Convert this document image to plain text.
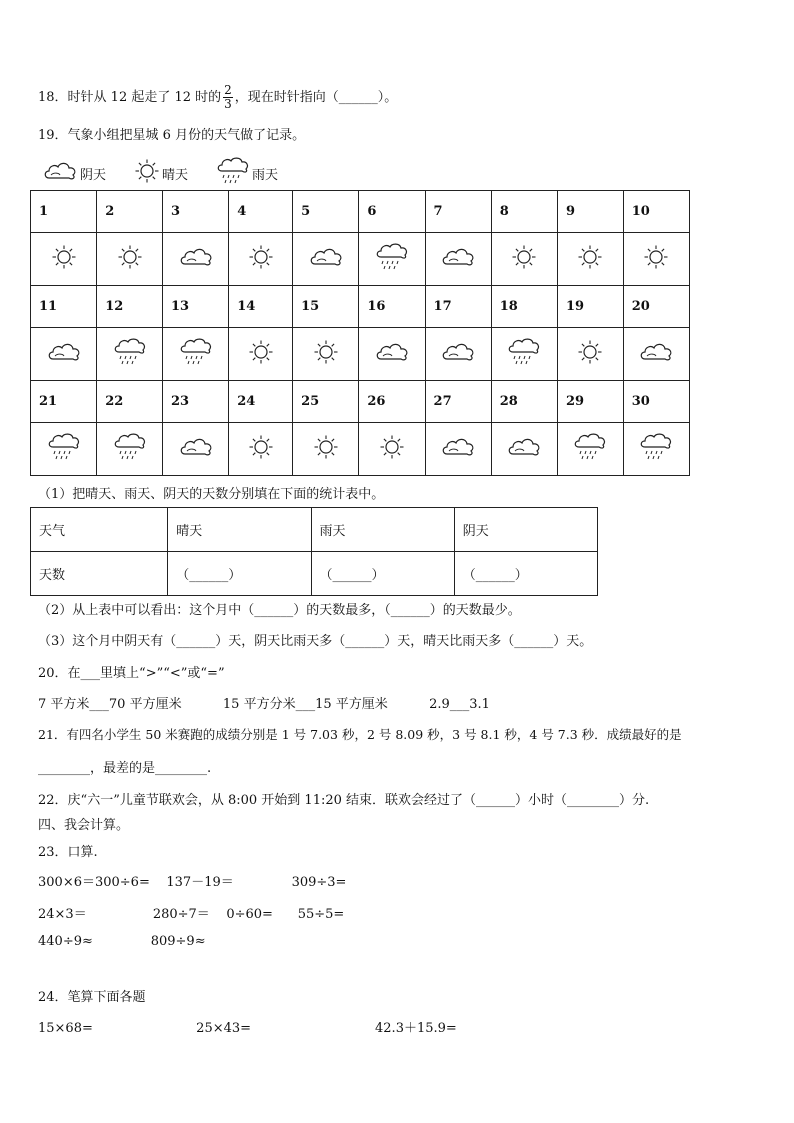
18．时针从 12 起走了 12 时的 $\frac{2}{3}$ ，现在时针指向（______）。
19．气象小组把星城 6 月份的天气做了记录。
阴天	晴天	雨天
1	2	3	4	5	6	7	8	9	10

11	12	13	14	15	16	17	18	19	20

21	22	23	24	25	26	27	28	29	30

（1）把晴天、雨天、阴天的天数分别填在下面的统计表中。
天气	晴天	雨天	阴天
天数	（______）	（______）	（______）
（2）从上表中可以看出：这个月中（______）的天数最多，（______）的天数最少。
（3）这个月中阴天有（______）天，阴天比雨天多（______）天，晴天比雨天多（______）天。
20．在___里填上“>”“<”或“=”
7 平方米___70 平方厘米          15 平方分米___15 平方厘米          2.9___3.1
21．有四名小学生 50 米赛跑的成绩分别是 1 号 7.03 秒，2 号 8.09 秒，3 号 8.1 秒，4 号 7.3 秒．成绩最好的是
________，最差的是________.
22．庆“六一”儿童节联欢会，从 8:00 开始到 11:20 结束．联欢会经过了（______）小时（________）分.
四、我会计算。
23．口算.
300×6＝300÷6=    137－19＝              309÷3=
24×3＝                280÷7＝    0÷60=      55÷5=
440÷9≈              809÷9≈
24．笔算下面各题
15×68=                         25×43=                              42.3＋15.9=
